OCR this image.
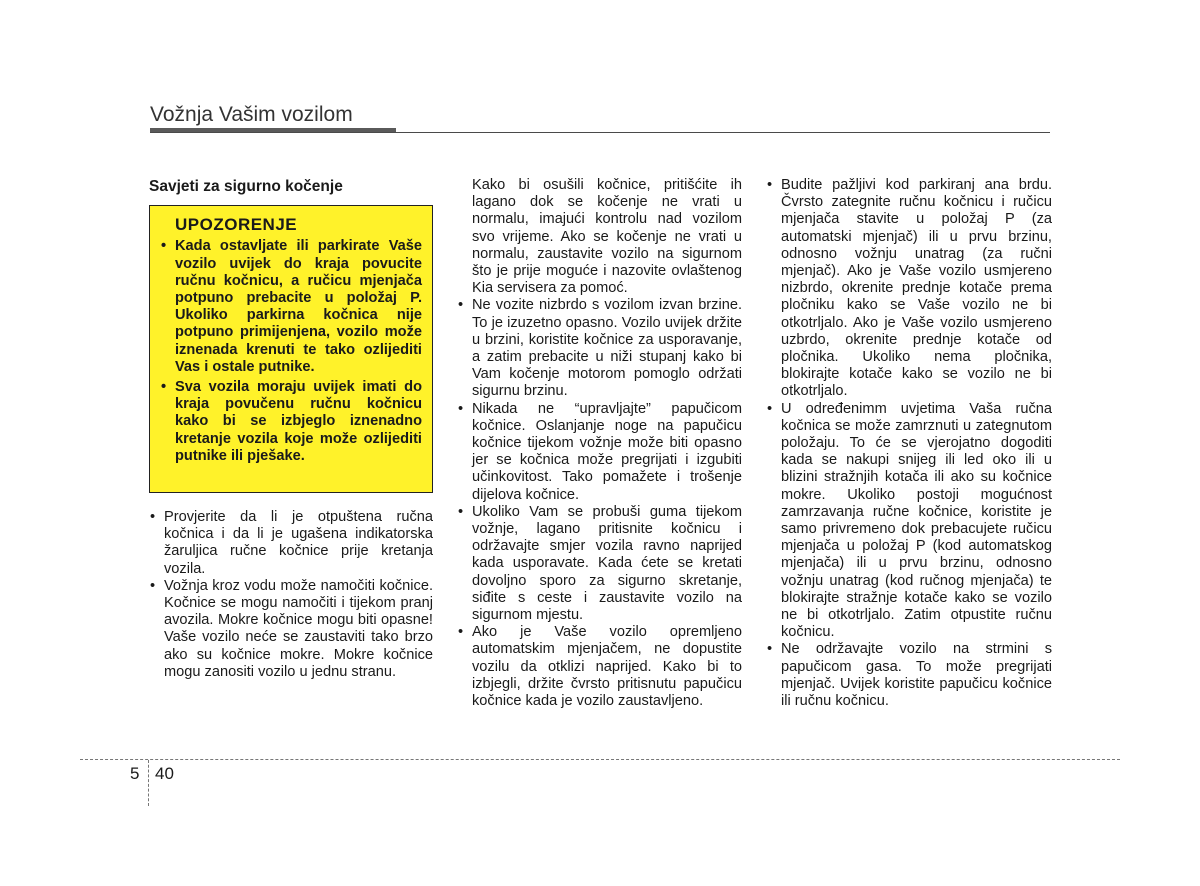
Vožnja Vašim vozilom
Savjeti za sigurno kočenje
UPOZORENJE
• Kada ostavljate ili parkirate Vaše vozilo uvijek do kraja povucite ručnu kočnicu, a ručicu mjenjača potpuno prebacite u položaj P. Ukoliko parkirna kočnica nije potpuno primijenjena, vozilo može iznenada krenuti te tako ozlijediti Vas i ostale putnike.
• Sva vozila moraju uvijek imati do kraja povučenu ručnu kočnicu kako bi se izbjeglo iznenadno kretanje vozila koje može ozlijediti putnike ili pješake.
• Provjerite da li je otpuštena ručna kočnica i da li je ugašena indikatorska žaruljica ručne kočnice prije kretanja vozila.
• Vožnja kroz vodu može namočiti kočnice. Kočnice se mogu namočiti i tijekom pranj avozila. Mokre kočnice mogu biti opasne! Vaše vozilo neće se zaustaviti tako brzo ako su kočnice mokre. Mokre kočnice mogu zanositi vozilo u jednu stranu.
Kako bi osušili kočnice, pritišćite ih lagano dok se kočenje ne vrati u normalu, imajući kontrolu nad vozilom svo vrijeme. Ako se kočenje ne vrati u normalu, zaustavite vozilo na sigurnom što je prije moguće i nazovite ovlaštenog Kia servisera za pomoć.
• Ne vozite nizbrdo s vozilom izvan brzine. To je izuzetno opasno. Vozilo uvijek držite u brzini, koristite kočnice za usporavanje, a zatim prebacite u niži stupanj kako bi Vam kočenje motorom pomoglo održati sigurnu brzinu.
• Nikada ne “upravljajte” papučicom kočnice. Oslanjanje noge na papučicu kočnice tijekom vožnje može biti opasno jer se kočnica može pregrijati i izgubiti učinkovitost. Tako pomažete i trošenje dijelova kočnice.
• Ukoliko Vam se probuši guma tijekom vožnje, lagano pritisnite kočnicu i održavajte smjer vozila ravno naprijed kada usporavate. Kada ćete se kretati dovoljno sporo za sigurno skretanje, siđite s ceste i zaustavite vozilo na sigurnom mjestu.
• Ako je Vaše vozilo opremljeno automatskim mjenjačem, ne dopustite vozilu da otklizi naprijed. Kako bi to izbjegli, držite čvrsto pritisnutu papučicu kočnice kada je vozilo zaustavljeno.
• Budite pažljivi kod parkiranj ana brdu. Čvrsto zategnite ručnu kočnicu i ručicu mjenjača stavite u položaj P (za automatski mjenjač) ili u prvu brzinu, odnosno vožnju unatrag (za ručni mjenjač). Ako je Vaše vozilo usmjereno nizbrdo, okrenite prednje kotače prema pločniku kako se Vaše vozilo ne bi otkotrljalo. Ako je Vaše vozilo usmjereno uzbrdo, okrenite prednje kotače od pločnika. Ukoliko nema pločnika, blokirajte kotače kako se vozilo ne bi otkotrljalo.
• U određenimm uvjetima Vaša ručna kočnica se može zamrznuti u zategnutom položaju. To će se vjerojatno dogoditi kada se nakupi snijeg ili led oko ili u blizini stražnjih kotača ili ako su kočnice mokre. Ukoliko postoji mogućnost zamrzavanja ručne kočnice, koristite je samo privremeno dok prebacujete ručicu mjenjača u položaj P (kod automatskog mjenjača) ili u prvu brzinu, odnosno vožnju unatrag (kod ručnog mjenjača) te blokirajte stražnje kotače kako se vozilo ne bi otkotrljalo. Zatim otpustite ručnu kočnicu.
• Ne održavajte vozilo na strmini s papučicom gasa. To može pregrijati mjenjač. Uvijek koristite papučicu kočnice ili ručnu kočnicu.
5 40
